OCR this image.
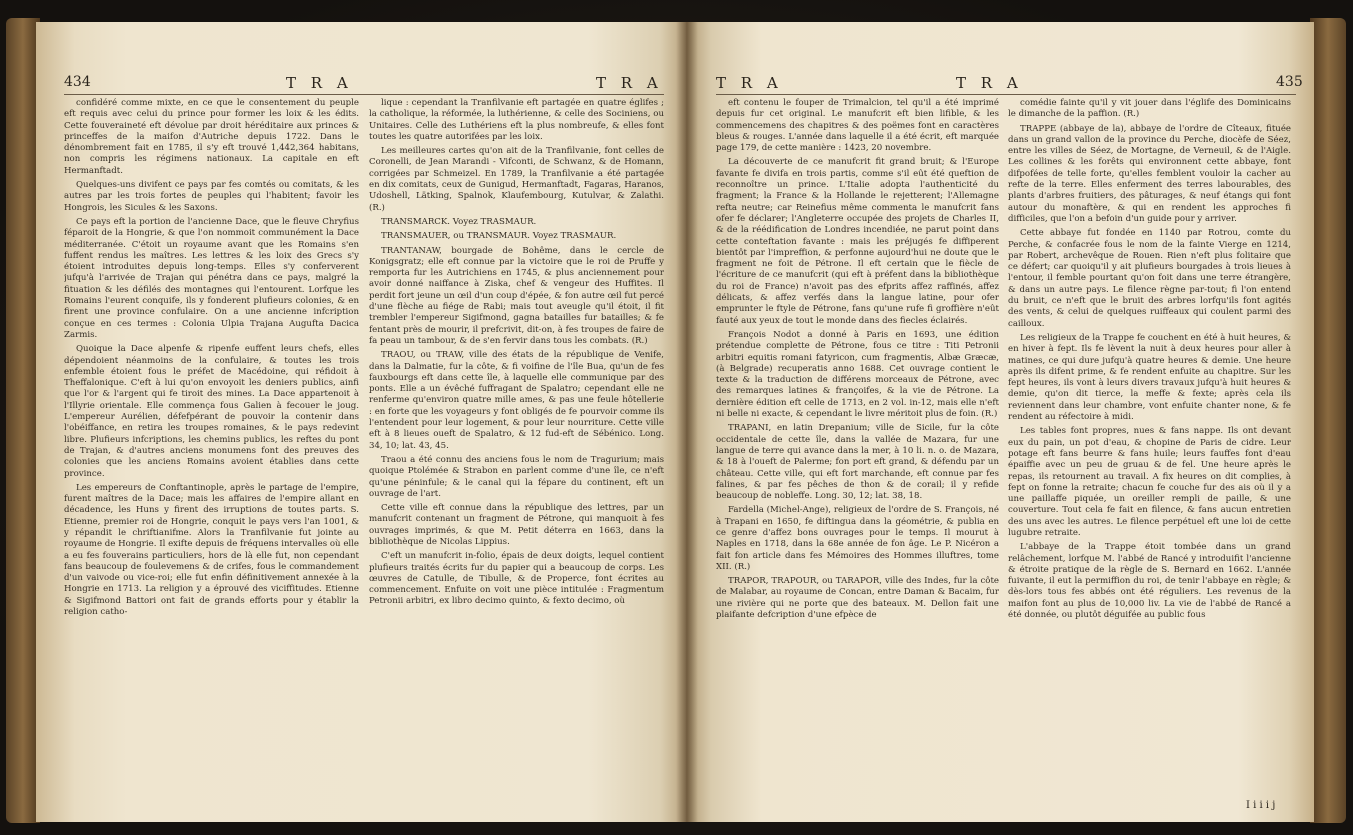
434	T R A	T R A

confidéré comme mixte, en ce que le consentement du peuple eft requis avec celui du prince pour former les loix & les édits. Cette fouveraineté eft dévolue par droit héréditaire aux princes & princeffes de la maifon d'Autriche depuis 1722. Dans le dénombrement fait en 1785, il s'y eft trouvé 1,442,364 habitans, non compris les régimens nationaux. La capitale en eft Hermanftadt.

Quelques-uns divifent ce pays par fes comtés ou comitats, & les autres par les trois fortes de peuples qui l'habitent; favoir les Hongrois, les Sicules & les Saxons.

Ce pays eft la portion de l'ancienne Dace, que le fleuve Chryfius féparoit de la Hongrie, & que l'on nommoit communément la Dace méditerranée. C'étoit un royaume avant que les Romains s'en fuffent rendus les maîtres. Les lettres & les loix des Grecs s'y étoient introduites depuis long-temps. Elles s'y conferverent jufqu'à l'arrivée de Trajan qui pénétra dans ce pays, malgré la fituation & les défilés des montagnes qui l'entourent. Lorfque les Romains l'eurent conquife, ils y fonderent plufieurs colonies, & en firent une province confulaire. On a une ancienne infcription conçue en ces termes : Colonia Ulpia Trajana Augufta Dacica Zarmis.

Quoique la Dace alpenfe & ripenfe euffent leurs chefs, elles dépendoient néanmoins de la confulaire, & toutes les trois enfemble étoient fous le préfet de Macédoine, qui réfidoit à Theffalonique. C'eft à lui qu'on envoyoit les deniers publics, ainfi que l'or & l'argent qui fe tiroit des mines. La Dace appartenoit à l'Illyrie orientale. Elle commença fous Galien à fecouer le joug. L'empereur Aurélien, défefpérant de pouvoir la contenir dans l'obéiffance, en retira les troupes romaines, & le pays redevint libre. Plufieurs infcriptions, les chemins publics, les reftes du pont de Trajan, & d'autres anciens monumens font des preuves des colonies que les anciens Romains avoient établies dans cette province.

Les empereurs de Conftantinople, après le partage de l'empire, furent maîtres de la Dace; mais les affaires de l'empire allant en décadence, les Huns y firent des irruptions de toutes parts. S. Etienne, premier roi de Hongrie, conquit le pays vers l'an 1001, & y répandit le chriftianifme. Alors la Tranfilvanie fut jointe au royaume de Hongrie. Il exifte depuis de fréquens intervalles où elle a eu fes fouverains particuliers, hors de là elle fut, non cependant fans beaucoup de foulevemens & de crifes, fous le commandement d'un vaivode ou vice-roi; elle fut enfin définitivement annexée à la Hongrie en 1713. La religion y a éprouvé des viciffitudes. Etienne & Sigifmond Battori ont fait de grands efforts pour y établir la religion catho-

lique : cependant la Tranfilvanie eft partagée en quatre églifes ; la catholique, la réformée, la luthérienne, & celle des Sociniens, ou Unitaires. Celle des Luthériens eft la plus nombreufe, & elles font toutes les quatre autorifées par les loix.

Les meilleures cartes qu'on ait de la Tranfilvanie, font celles de Coronelli, de Jean Marandi - Vifconti, de Schwanz, & de Homann, corrigées par Schmeizel. En 1789, la Tranfilvanie a été partagée en dix comitats, ceux de Gunigud, Hermanftadt, Fagaras, Haranos, Udoshell, Lätking, Spalnok, Klaufembourg, Kutulvar, & Zalathi. (R.)

TRANSMARCK. Voyez TRASMAUR.

TRANSMAUER, ou TRANSMAUR. Voyez TRASMAUR.

TRANTANAW, bourgade de Bohême, dans le cercle de Konigsgratz; elle eft connue par la victoire que le roi de Pruffe y remporta fur les Autrichiens en 1745, & plus anciennement pour avoir donné naiffance à Ziska, chef & vengeur des Huffites. Il perdit fort jeune un œil d'un coup d'épée, & fon autre œil fut percé d'une flèche au fiége de Rabi; mais tout aveugle qu'il étoit, il fit trembler l'empereur Sigifmond, gagna batailles fur batailles; & fe fentant près de mourir, il prefcrivit, dit-on, à fes troupes de faire de fa peau un tambour, & de s'en fervir dans tous les combats. (R.)

TRAOU, ou TRAW, ville des états de la république de Venife, dans la Dalmatie, fur la côte, & fi voifine de l'île Bua, qu'un de fes fauxbourgs eft dans cette île, à laquelle elle communique par des ponts. Elle a un évêché fuffragant de Spalatro; cependant elle ne renferme qu'environ quatre mille ames, & pas une feule hôtellerie : en forte que les voyageurs y font obligés de fe pourvoir comme ils l'entendent pour leur logement, & pour leur nourriture. Cette ville eft à 8 lieues oueft de Spalatro, & 12 fud-eft de Sébénico. Long. 34, 10; lat. 43, 45.

Traou a été connu des anciens fous le nom de Tragurium; mais quoique Ptolémée & Strabon en parlent comme d'une île, ce n'eft qu'une péninfule; & le canal qui la fépare du continent, eft un ouvrage de l'art.

Cette ville eft connue dans la république des lettres, par un manufcrit contenant un fragment de Pétrone, qui manquoit à fes ouvrages imprimés, & que M. Petit déterra en 1663, dans la bibliothèque de Nicolas Lippius.

C'eft un manufcrit in-folio, épais de deux doigts, lequel contient plufieurs traités écrits fur du papier qui a beaucoup de corps. Les œuvres de Catulle, de Tibulle, & de Properce, font écrites au commencement. Enfuite on voit une pièce intitulée : Fragmentum Petronii arbitri, ex libro decimo quinto, & fexto decimo, où

T R A	T R A	435

eft contenu le fouper de Trimalcion, tel qu'il a été imprimé depuis fur cet original. Le manufcrit eft bien lifible, & les commencemens des chapitres & des poëmes font en caractères bleus & rouges. L'année dans laquelle il a été écrit, eft marquée page 179, de cette manière : 1423, 20 novembre.

La découverte de ce manufcrit fit grand bruit; & l'Europe favante fe divifa en trois partis, comme s'il eût été queftion de reconnoître un prince. L'Italie adopta l'authenticité du fragment; la France & la Hollande le rejetterent; l'Allemagne refta neutre; car Reinefius même commenta le manufcrit fans ofer fe déclarer; l'Angleterre occupée des projets de Charles II, & de la réédification de Londres incendiée, ne parut point dans cette conteftation favante : mais les préjugés fe diffiperent bientôt par l'impreffion, & perfonne aujourd'hui ne doute que le fragment ne foit de Pétrone. Il eft certain que le fiècle de l'écriture de ce manufcrit (qui eft à préfent dans la bibliothèque du roi de France) n'avoit pas des efprits affez raffinés, affez délicats, & affez verfés dans la langue latine, pour ofer emprunter le ftyle de Pétrone, fans qu'une rufe fi groffière n'eût fauté aux yeux de tout le monde dans des fiecles éclairés.

François Nodot a donné à Paris en 1693, une édition prétendue complette de Pétrone, fous ce titre : Titi Petronii arbitri equitis romani fatyricon, cum fragmentis, Albæ Græcæ, (à Belgrade) recuperatis anno 1688. Cet ouvrage contient le texte & la traduction de différens morceaux de Pétrone, avec des remarques latines & françoifes, & la vie de Pétrone. La dernière édition eft celle de 1713, en 2 vol. in-12, mais elle n'eft ni belle ni exacte, & cependant le livre méritoit plus de foin. (R.)

TRAPANI, en latin Drepanium; ville de Sicile, fur la côte occidentale de cette île, dans la vallée de Mazara, fur une langue de terre qui avance dans la mer, à 10 li. n. o. de Mazara, & 18 à l'oueft de Palerme; fon port eft grand, & défendu par un château. Cette ville, qui eft fort marchande, eft connue par fes falines, & par fes pêches de thon & de corail; il y refide beaucoup de nobleffe. Long. 30, 12; lat. 38, 18.

Fardella (Michel-Ange), religieux de l'ordre de S. François, né à Trapani en 1650, fe diftingua dans la géométrie, & publia en ce genre d'affez bons ouvrages pour le temps. Il mourut à Naples en 1718, dans la 68e année de fon âge. Le P. Nicéron a fait fon article dans fes Mémoires des Hommes illuftres, tome XII. (R.)

TRAPOR, TRAPOUR, ou TARAPOR, ville des Indes, fur la côte de Malabar, au royaume de Concan, entre Daman & Bacaim, fur une rivière qui ne porte que des bateaux. M. Dellon fait une plaifante defcription d'une efpèce de

comédie fainte qu'il y vit jouer dans l'églife des Dominicains le dimanche de la paffion. (R.)

TRAPPE (abbaye de la), abbaye de l'ordre de Cîteaux, fituée dans un grand vallon de la province du Perche, diocèfe de Séez, entre les villes de Séez, de Mortagne, de Verneuil, & de l'Aigle. Les collines & les forêts qui environnent cette abbaye, font difpofées de telle forte, qu'elles femblent vouloir la cacher au refte de la terre. Elles enferment des terres labourables, des plants d'arbres fruitiers, des pâturages, & neuf étangs qui font autour du monaftère, & qui en rendent les approches fi difficiles, que l'on a befoin d'un guide pour y arriver.

Cette abbaye fut fondée en 1140 par Rotrou, comte du Perche, & confacrée fous le nom de la fainte Vierge en 1214, par Robert, archevêque de Rouen. Rien n'eft plus folitaire que ce défert; car quoiqu'il y ait plufieurs bourgades à trois lieues à l'entour, il femble pourtant qu'on foit dans une terre étrangère, & dans un autre pays. Le filence règne par-tout; fi l'on entend du bruit, ce n'eft que le bruit des arbres lorfqu'ils font agités des vents, & celui de quelques ruiffeaux qui coulent parmi des cailloux.

Les religieux de la Trappe fe couchent en été à huit heures, & en hiver à fept. Ils fe lèvent la nuit à deux heures pour aller à matines, ce qui dure jufqu'à quatre heures & demie. Une heure après ils difent prime, & fe rendent enfuite au chapitre. Sur les fept heures, ils vont à leurs divers travaux jufqu'à huit heures & demie, qu'on dit tierce, la meffe & fexte; après cela ils reviennent dans leur chambre, vont enfuite chanter none, & fe rendent au réfectoire à midi.

Les tables font propres, nues & fans nappe. Ils ont devant eux du pain, un pot d'eau, & chopine de Paris de cidre. Leur potage eft fans beurre & fans huile; leurs fauffes font d'eau épaiffie avec un peu de gruau & de fel. Une heure après le repas, ils retournent au travail. A fix heures on dit complies, à fept on fonne la retraite; chacun fe couche fur des ais où il y a une paillaffe piquée, un oreiller rempli de paille, & une couverture. Tout cela fe fait en filence, & fans aucun entretien des uns avec les autres. Le filence perpétuel eft une loi de cette lugubre retraite.

L'abbaye de la Trappe étoit tombée dans un grand relâchement, lorfque M. l'abbé de Rancé y introduifit l'ancienne & étroite pratique de la règle de S. Bernard en 1662. L'année fuivante, il eut la permiffion du roi, de tenir l'abbaye en règle; & dès-lors tous fes abbés ont été réguliers. Les revenus de la maifon font au plus de 10,000 liv. La vie de l'abbé de Rancé a été donnée, ou plutôt déguifée au public fous

I i i i j
